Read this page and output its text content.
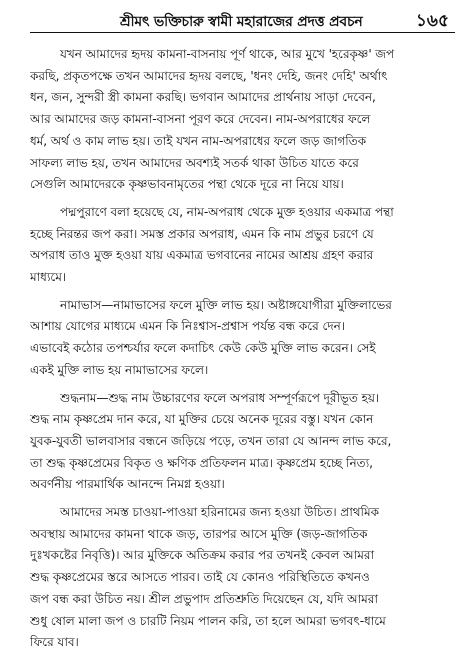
শ্রীমৎ ভক্তিচারু স্বামী মহারাজের প্রদত্ত প্রবচন	১৬৫
যখন আমাদের হৃদয় কামনা-বাসনায় পূর্ণ থাকে, আর মুখে 'হরেকৃষ্ণ' জপ
করছি, প্রকৃতপক্ষে তখন আমাদের হৃদয় বলছে, 'ধনং দেহি, জনং দেহি' অর্থাৎ
ধন, জন, সুন্দরী স্ত্রী কামনা করছি। ভগবান আমাদের প্রার্থনায় সাড়া দেবেন,
আর আমাদের জড় কামনা-বাসনা পূরণ করে দেবেন। নাম-অপরাধের ফলে
ধর্ম, অর্থ ও কাম লাভ হয়। তাই যখন নাম-অপরাধের ফলে জড় জাগতিক
সাফল্য লাভ হয়, তখন আমাদের অবশ্যই সতর্ক থাকা উচিত যাতে করে
সেগুলি আমাদেরকে কৃষ্ণভাবনামৃতের পন্থা থেকে দূরে না নিয়ে যায়।
পদ্মপুরাণে বলা হয়েছে যে, নাম-অপরাধ থেকে মুক্ত হওয়ার একমাত্র পন্থা
হচ্ছে নিরন্তর জপ করা। সমস্ত প্রকার অপরাধ, এমন কি নাম প্রভুর চরণে যে
অপরাধ তাও মুক্ত হওয়া যায় একমাত্র ভগবানের নামের আশ্রয় গ্রহণ করার
মাধ্যমে।
নামাভাস—নামাভাসের ফলে মুক্তি লাভ হয়। অষ্টাঙ্গযোগীরা মুক্তিলাভের
আশায় যোগের মাধ্যমে এমন কি নিঃশ্বাস-প্রশ্বাস পর্যন্ত বন্ধ করে দেন।
এভাবেই কঠোর তপশ্চর্যার ফলে কদাচিৎ কেউ কেউ মুক্তি লাভ করেন। সেই
একই মুক্তি লাভ হয় নামাভাসের ফলে।
শুদ্ধনাম—শুদ্ধ নাম উচ্চারণের ফলে অপরাধ সম্পূর্ণরূপে দূরীভূত হয়।
শুদ্ধ নাম কৃষ্ণপ্রেম দান করে, যা মুক্তির চেয়ে অনেক দূরের বস্তু। যখন কোন
যুবক-যুবতী ভালবাসার বন্ধনে জড়িয়ে পড়ে, তখন তারা যে আনন্দ লাভ করে,
তা শুদ্ধ কৃষ্ণপ্রেমের বিকৃত ও ক্ষণিক প্রতিফলন মাত্র। কৃষ্ণপ্রেম হচ্ছে নিত্য,
অবর্ণনীয় পারমার্থিক আনন্দে নিমগ্ন হওয়া।
আমাদের সমস্ত চাওয়া-পাওয়া হরিনামের জন্য হওয়া উচিত। প্রাথমিক
অবস্থায় আমাদের কামনা থাকে জড়, তারপর আসে মুক্তি (জড়-জাগতিক
দুঃখকষ্টের নিবৃত্তি)। আর মুক্তিকে অতিক্রম করার পর তখনই কেবল আমরা
শুদ্ধ কৃষ্ণপ্রেমের স্তরে আসতে পারব। তাই যে কোনও পরিস্থিতিতে কখনও
জপ বন্ধ করা উচিত নয়। শ্রীল প্রভুপাদ প্রতিশ্রুতি দিয়েছেন যে, যদি আমরা
শুধু ষোল মালা জপ ও চারটি নিয়ম পালন করি, তা হলে আমরা ভগবৎ-ধামে
ফিরে যাব।
